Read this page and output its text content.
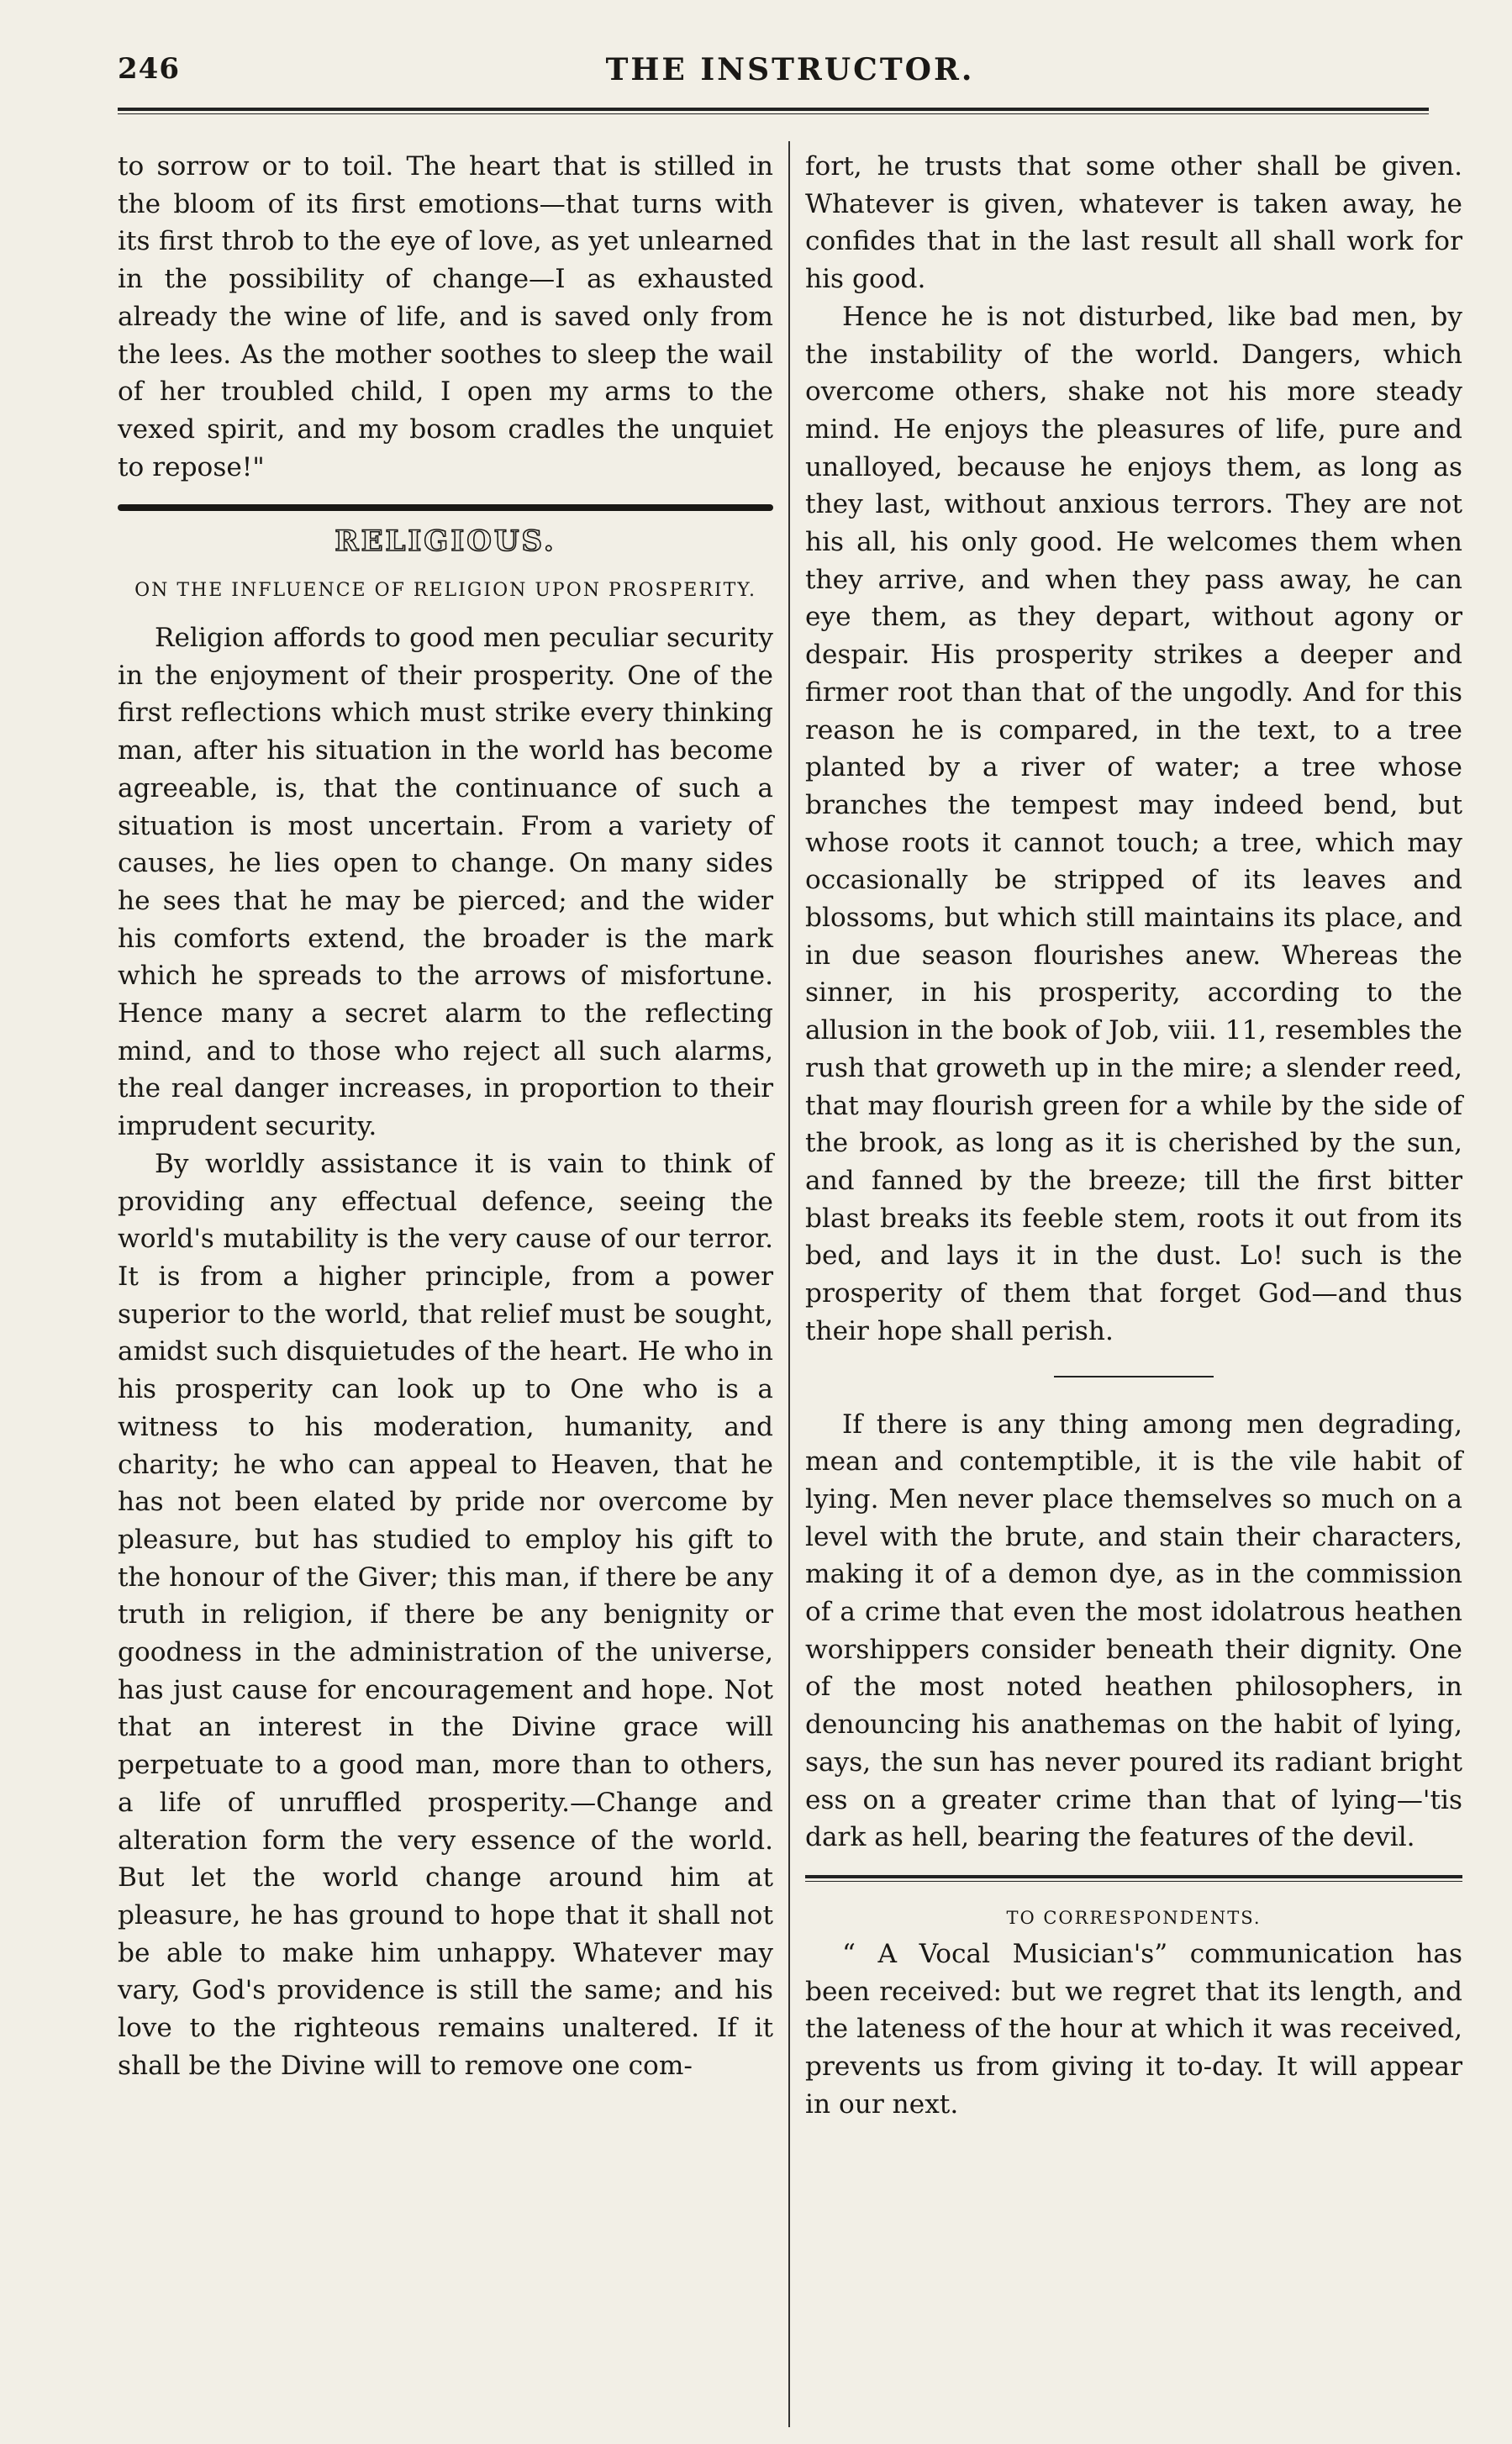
246	THE INSTRUCTOR.

to sorrow or to toil. The heart that is stilled in the bloom of its first emotions—that turns with its first throb to the eye of love, as yet unlearned in the possibility of change—I as exhausted already the wine of life, and is saved only from the lees. As the mother soothes to sleep the wail of her troubled child, I open my arms to the vexed spirit, and my bosom cradles the unquiet to repose!"

RELIGIOUS.
ON THE INFLUENCE OF RELIGION UPON PROSPERITY.

Religion affords to good men peculiar security in the enjoyment of their prosperity. One of the first reflections which must strike every thinking man, after his situation in the world has become agreeable, is, that the continuance of such a situation is most uncertain. From a variety of causes, he lies open to change. On many sides he sees that he may be pierced; and the wider his comforts extend, the broader is the mark which he spreads to the arrows of misfortune. Hence many a secret alarm to the reflecting mind, and to those who reject all such alarms, the real danger increases, in proportion to their imprudent security.

By worldly assistance it is vain to think of providing any effectual defence, seeing the world's mutability is the very cause of our terror. It is from a higher principle, from a power superior to the world, that relief must be sought, amidst such disquietudes of the heart. He who in his prosperity can look up to One who is a witness to his moderation, humanity, and charity; he who can appeal to Heaven, that he has not been elated by pride nor overcome by pleasure, but has studied to employ his gift to the honour of the Giver; this man, if there be any truth in religion, if there be any benignity or goodness in the administration of the universe, has just cause for encouragement and hope. Not that an interest in the Divine grace will perpetuate to a good man, more than to others, a life of unruffled prosperity.—Change and alteration form the very essence of the world. But let the world change around him at pleasure, he has ground to hope that it shall not be able to make him unhappy. Whatever may vary, God's providence is still the same; and his love to the righteous remains unaltered. If it shall be the Divine will to remove one com-

fort, he trusts that some other shall be given. Whatever is given, whatever is taken away, he confides that in the last result all shall work for his good.

Hence he is not disturbed, like bad men, by the instability of the world. Dangers, which overcome others, shake not his more steady mind. He enjoys the pleasures of life, pure and unalloyed, because he enjoys them, as long as they last, without anxious terrors. They are not his all, his only good. He welcomes them when they arrive, and when they pass away, he can eye them, as they depart, without agony or despair. His prosperity strikes a deeper and firmer root than that of the ungodly. And for this reason he is compared, in the text, to a tree planted by a river of water; a tree whose branches the tempest may indeed bend, but whose roots it cannot touch; a tree, which may occasionally be stripped of its leaves and blossoms, but which still maintains its place, and in due season flourishes anew. Whereas the sinner, in his prosperity, according to the allusion in the book of Job, viii. 11, resembles the rush that groweth up in the mire; a slender reed, that may flourish green for a while by the side of the brook, as long as it is cherished by the sun, and fanned by the breeze; till the first bitter blast breaks its feeble stem, roots it out from its bed, and lays it in the dust. Lo! such is the prosperity of them that forget God—and thus their hope shall perish.

If there is any thing among men degrading, mean and contemptible, it is the vile habit of lying. Men never place themselves so much on a level with the brute, and stain their characters, making it of a demon dye, as in the commission of a crime that even the most idolatrous heathen worshippers consider beneath their dignity. One of the most noted heathen philosophers, in denouncing his anathemas on the habit of lying, says, the sun has never poured its radiant bright ess on a greater crime than that of lying—'tis dark as hell, bearing the features of the devil.

TO CORRESPONDENTS.

“ A Vocal Musician's” communication has been received: but we regret that its length, and the lateness of the hour at which it was received, prevents us from giving it to-day. It will appear in our next.
